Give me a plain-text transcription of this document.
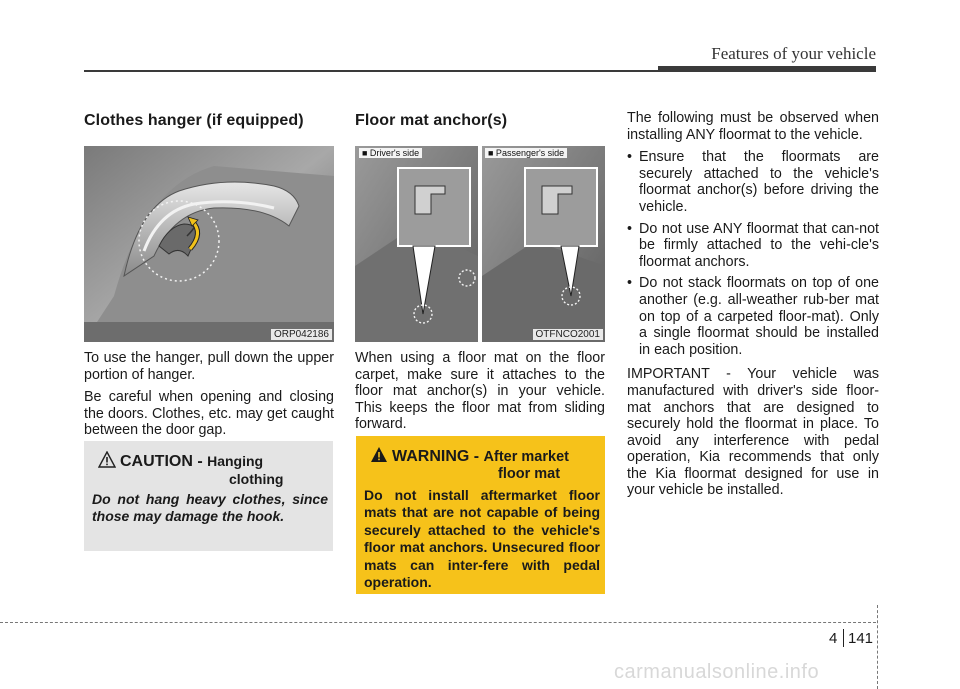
Features of your vehicle
Clothes hanger (if equipped)
ORP042186

To use the hanger, pull down the upper portion of hanger.

Be careful when opening and closing the doors. Clothes, etc. may get caught between the door gap.

CAUTION - Hanging
clothing
Do not hang heavy clothes, since those may damage the hook.
Floor mat anchor(s)
■ Driver's side	■ Passenger's side
OTFNCO2001

When using a floor mat on the floor carpet, make sure it attaches to the floor mat anchor(s) in your vehicle. This keeps the floor mat from sliding forward.

WARNING - After market
floor mat
Do not install aftermarket floor mats that are not capable of being securely attached to the vehicle's floor mat anchors. Unsecured floor mats can inter-fere with pedal operation.

The following must be observed when installing ANY floormat to the vehicle.

• Ensure that the floormats are securely attached to the vehicle's floormat anchor(s) before driving the vehicle.
• Do not use ANY floormat that can-not be firmly attached to the vehi-cle's floormat anchors.
• Do not stack floormats on top of one another (e.g. all-weather rub-ber mat on top of a carpeted floor-mat). Only a single floormat should be installed in each position.

IMPORTANT - Your vehicle was manufactured with driver's side floor-mat anchors that are designed to securely hold the floormat in place. To avoid any interference with pedal operation, Kia recommends that only the Kia floormat designed for use in your vehicle be installed.

4 141
carmanualsonline.info
